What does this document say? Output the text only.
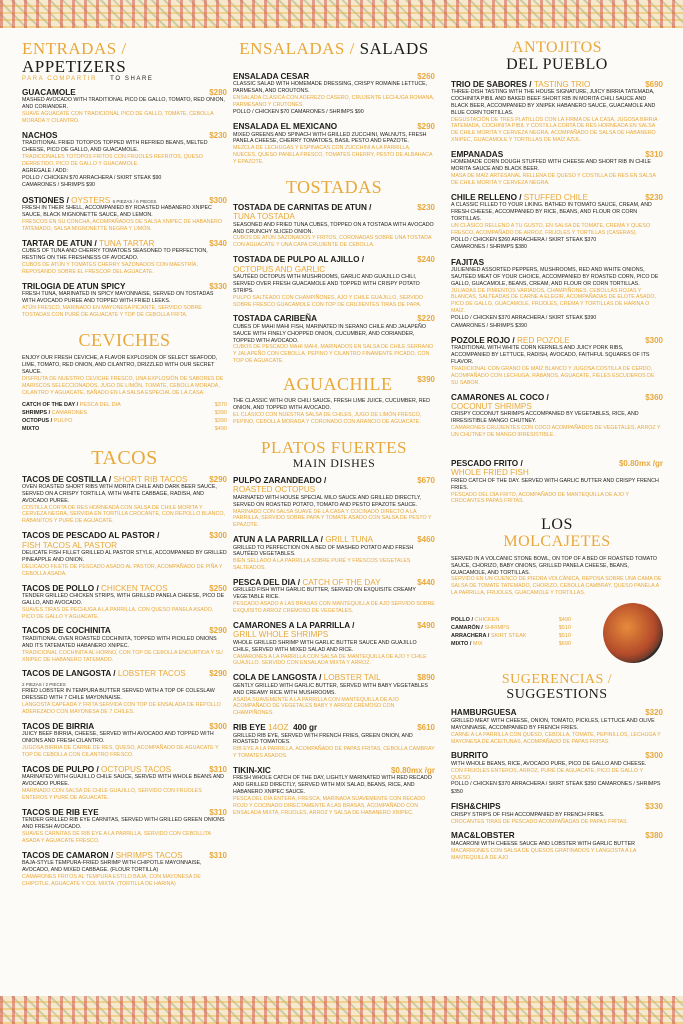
ENTRADAS / APPETIZERS
PARA COMPARTIR TO SHARE
GUACAMOLE	$280
MASHED AVOCADO WITH TRADITIONAL PICO DE GALLO, TOMATO, RED ONION, AND CORIANDER.
SUAVE AGUACATE CON TRADICIONAL PICO DE GALLO, TOMATE, CEBOLLA MORADA Y CILANTRO.
NACHOS	$230
TRADITIONAL FRIED TOTOPOS TOPPED WITH REFRIED BEANS, MELTED CHEESE, PICO DE GALLO, AND GUACAMOLE.
TRADICIONALES TOTOPOS FRITOS CON FRIJOLES REFRITOS, QUESO DERRETIDO, PICO DE GALLO Y GUACAMOLE.
AGREGALE / ADD:
POLLO / CHICKEN $70 ARRACHERA / SKIRT STEAK $90
CAMARONES / SHRIMPS $90
OSTIONES / OYSTERS 6 PIEZAS / 6 PIECES	$300
FRESH IN THEIR SHELL, ACCOMPANIED BY ROASTED HABANERO XNIPEC SAUCE, BLACK MIGNONETTE SAUCE, AND LEMON.
FRESCOS EN SU CONCHA, ACOMPAÑADOS DE SALSA XNIPEC DE HABANERO TATEMADO, SALSA MIGNONETTE NEGRA Y LIMÓN.
TARTAR DE ATUN / TUNA TARTAR	$340
CUBES OF TUNA AND CHERRY TOMATOES SEASONED TO PERFECTION, RESTING ON THE FRESHNESS OF AVOCADO.
CUBOS DE ATÚN Y TOMATES CHERRY SAZONADOS CON MAESTRÍA, REPOSANDO SOBRE EL FRESCOR DEL AGUACATE.
TRILOGIA DE ATUN SPICY	$330
FRESH TUNA, MARINATED IN SPICY MAYONNAISE, SERVED ON TOSTADAS WITH AVOCADO PUREE AND TOPPED WITH FRIED LEEKS.
ATÚN FRESCO, MARINADO EN MAYONESA PICANTE, SERVIDO SOBRE TOSTADAS CON PURÉ DE AGUACATE Y TOP DE CEBOLLA FRITA.
CEVICHES
ENJOY OUR FRESH CEVICHE, A FLAVOR EXPLOSION OF SELECT SEAFOOD, LIME, TOMATO, RED ONION, AND CILANTRO, DRIZZLED WITH OUR SECRET SAUCE.
DISFRUTA DE NUESTRO CEVICHE FRESCO, UNA EXPLOSIÓN DE SABORES DE MARISCOS SELECCIONADOS, JUGO DE LIMÓN, TOMATE, CEBOLLA MORADA, CILANTRO Y AGUACATE, BAÑADO EN LA SALSA ESPECIAL DE LA CASA.
CATCH OF THE DAY / PESCA DEL DIA	$370
SHRIMPS / CAMARONES	$390
OCTOPUS / PULPO	$390
MIXTO	$490
TACOS
TACOS DE COSTILLA / SHORT RIB TACOS	$290
OVEN ROASTED SHORT RIBS WITH MORITA CHILE AND DARK BEER SAUCE, SERVED ON A CRISPY TORTILLA, WITH WHITE CABBAGE, RADISH, AND AVOCADO PUREE.
COSTILLA CORTA DE RES HORNEADA CON SALSA DE CHILE MORITA Y CERVEZA NEGRA, SERVIDA EN TORTILLA CROCANTE, CON REPOLLO BLANCO, RÁBANITOS Y PURÉ DE AGUACATE.
TACOS DE PESCADO AL PASTOR /
FISH TACOS AL PASTOR
$300
DELICATE FISH FILLET GRILLED AL PASTOR STYLE, ACCOMPANIED BY GRILLED PINEAPPLE AND ONION.
DELICADO FILETE DE PESCADO ASADO AL PASTOR, ACOMPAÑADO DE PIÑA Y CEBOLLA ASADA.
TACOS DE POLLO / CHICKEN TACOS	$250
TENDER GRILLED CHICKEN STRIPS, WITH GRILLED PANELA CHEESE, PICO DE GALLO, AND AVOCADO.
SUAVES TIRAS DE PECHUGA A LA PARRILLA, CON QUESO PANELA ASADO, PICO DE GALLO Y AGUACATE.
TACOS DE COCHINITA	$290
TRADITIONAL OVEN ROASTED COCHINITA, TOPPED WITH PICKLED ONIONS AND ITS TATEMATED HABANERO XNIPEC.
TRADICIONAL COCHINITA AL HORNO, CON TOP DE CEBOLLA ENCURTIDA Y SU XNIPEC DE HABANERO TATEMADO.
TACOS DE LANGOSTA / LOBSTER TACOS
2 PIEZAS / 2 PIECES
$290
FRIED LOBSTER IN TEMPURA BUTTER SERVED WITH A TOP OF COLESLAW DRESSED WITH 7 CHILE MAYONNAISE.
LANGOSTA CAPEADA Y FRITA SERVIDA CON TOP DE ENSALADA DE REPOLLO ADEREZADO CON MAYONESA DE 7 CHILES.
TACOS DE BIRRIA	$300
JUICY BEEF BIRRIA, CHEESE, SERVED WITH AVOCADO AND TOPPED WITH ONIONS AND FRESH CILANTRO.
JUGOSA BIRRIA DE CARNE DE RES, QUESO, ACOMPAÑADO DE AGUACATE Y TOP DE CEBOLLA CON CILANTRO FRESCO.
TACOS DE PULPO / OCTOPUS TACOS	$310
MARINATED WITH GUAJILLO CHILE SAUCE, SERVED WITH WHOLE BEANS AND AVOCADO PUREE.
MARINADO CON SALSA DE CHILE GUAJILLO, SERVIDO CON FRIJOLES ENTEROS Y PURÉ DE AGUACATE.
TACOS DE RIB EYE	$310
TENDER GRILLED RIB EYE CARNITAS, SERVED WITH GRILLED GREEN ONIONS AND FRESH AVOCADO.
SUAVES CARNITAS DE RIB EYE A LA PARRILLA, SERVIDO CON CEBOLLITA ASADA Y AGUACATE FRESCO.
TACOS DE CAMARON / SHRIMPS TACOS	$310
BAJA-STYLE TEMPURA-FRIED SHRIMP WITH CHIPOTLE MAYONNAISE, AVOCADO, AND MIXED CABBAGE. (FLOUR TORTILLA)
CAMARONES FRITOS AL TEMPURA ESTILO BAJA, CON MAYONESA DE CHIPOTLE, AGUACATE Y COL MIXTA. (TORTILLA DE HARINA)
ENSALADAS / SALADS
ENSALADA CESAR	$260
CLASSIC SALAD WITH HOMEMADE DRESSING, CRISPY ROMAINE LETTUCE, PARMESAN, AND CROUTONS.
ENSALADA CLÁSICA CON ADEREZO CASERO, CRUJIENTE LECHUGA ROMANA, PARMESANO Y CRUTONES.
POLLO / CHICKEN $70 CAMARONES / SHRIMPS $90
ENSALADA EL MEXICANO	$290
MIXED GREENS AND SPINACH WITH GRILLED ZUCCHINI, WALNUTS, FRESH PANELA CHEESE, CHERRY TOMATOES, BASIL PESTO AND EPAZOTE.
MEZCLA DE LECHUGAS Y ESPINACAS CON ZUCCHINI A LA PARRILLA, NUECES, QUESO PANELA FRESCO, TOMATES CHERRY, PESTO DE ALBAHACA Y EPAZOTE.
TOSTADAS
TOSTADA DE CARNITAS DE ATUN /
TUNA TOSTADA
$230
SEASONED AND FRIED TUNA CUBES, TOPPED ON A TOSTADA WITH AVOCADO AND CRUNCHY SLICED ONION.
CUBOS DE ATÚN SAZONADOS Y FRITOS, CORONADAS SOBRE UNA TOSTADA CON AGUACATE Y UNA CAPA CRUJIENTE DE CEBOLLA.
TOSTADA DE PULPO AL AJILLO /
OCTOPUS AND GARLIC
$240
SAUTÉED OCTOPUS WITH MUSHROOMS, GARLIC AND GUAJILLO CHILI, SERVED OVER FRESH GUACAMOLE AND TOPPED WITH CRISPY POTATO STRIPS.
PULPO SALTEADO CON CHAMPIÑONES, AJO Y CHILE GUAJILLO, SERVIDO SOBRE FRESCO GUACAMOLE CON TOP DE CRUJIENTES TIRAS DE PAPA.
TOSTADA CARIBEÑA	$220
CUBES OF MAHI MAHI FISH, MARINATED IN SERANO CHILE AND JALAPEÑO SAUCE WITH FINELY CHOPPED ONION, CUCUMBER, AND CORIANDER, TOPPED WITH AVOCADO.
CUBOS DE PESCADO MAHI MAHI, MARINADOS EN SALSA DE CHILE SERRANO Y JALAPEÑO CON CEBOLLA, PEPINO Y CILANTRO FINAMENTE PICADO, CON TOP DE AGUACATE.
AGUACHILE	$390
THE CLASSIC WITH OUR CHILI SAUCE, FRESH LIME JUICE, CUCUMBER, RED ONION, AND TOPPED WITH AVOCADO.
EL CLÁSICO CON NUESTRA SALSA DE CHILES, JUGO DE LIMÓN FRESCO, PEPINO, CEBOLLA MORADA Y CORONADO CON ARANCIO DE AGUACATE.
PLATOS FUERTES
MAIN DISHES
PULPO ZARANDEADO /
ROASTED OCTOPUS
$670
MARINATED WITH HOUSE SPECIAL MILD SAUCE AND GRILLED DIRECTLY, SERVED ON ROASTED POTATO, TOMATO AND PESTO EPAZOTE SAUCE.
MARINADO CON SALSA SUAVE DE LA CASA Y COCINADO DIRECTO A LA PARRILLA, SERVIDO SOBRE PAPA Y TOMATE ASADO CON SALSA DE PESTO Y EPAZOTE.
ATUN A LA PARRILLA / GRILL TUNA	$460
GRILLED TO PERFECTION ON A BED OF MASHED POTATO AND FRESH SAUTÉED VEGETABLES.
BIEN SELLADO A LA PARRILLA SOBRE PURÉ Y FRESCOS VEGETALES SALTEADOS.
PESCA DEL DIA / CATCH OF THE DAY	$440
GRILLED FISH WITH GARLIC BUTTER, SERVED ON EXQUISITE CREAMY VEGETABLE RICE.
PESCADO ASADO A LAS BRASAS CON MANTEQUILLA DE AJO SERVIDO SOBRE EXQUISITO ARROZ CREMOSO DE VEGETALES.
CAMARONES A LA PARRILLA /
GRILL WHOLE SHRIMPS
$490
WHOLE GRILLED SHRIMP WITH GARLIC BUTTER SAUCE AND GUAJILLO CHILE, SERVED WITH MIXED SALAD AND RICE.
CAMARONES A LA PARRILLA CON SALSA DE MANTEQUILLA DE AJO Y CHILE GUAJILLO. SERVIDO CON ENSALADA MIXTA Y ARROZ.
COLA DE LANGOSTA / LOBSTER TAIL	$890
GENTLY GRILLED WITH GARLIC BUTTER, SERVED WITH BABY VEGETABLES AND CREAMY RICE WITH MUSHROOMS.
ASADA SUAVEMENTE A LA PARRILLA CON MANTEQUILLA DE AJO ACOMPAÑADO DE VEGETALES BABY Y ARROZ CREMOSO CON CHAMPIÑONES.
RIB EYE 14OZ 400 gr	$610
GRILLED RIB EYE, SERVED WITH FRENCH FRIES, GREEN ONION, AND ROASTED TOMATOES.
RIB EYE A LA PARRILLA, ACOMPAÑADO DE PAPAS FRITAS, CEBOLLA CAMBRAY Y TOMATES ASADOS.
TIKIN-XIC	$0.80mx /gr
FRESH WHOLE CATCH OF THE DAY, LIGHTLY MARINATED WITH RED RECADO AND GRILLED DIRECTLY, SERVED WITH MIX SALAD, BEANS, RICE, AND HABANERO XNIPEC SAUCE.
PESCA DEL DÍA ENTERA, FRESCA, MARINADA SUAVEMENTE CON RECADO ROJO Y COCINADO DIRECTAMENTE A LAS BRASAS, ACOMPAÑADO CON ENSALADA MIXTA, FRIJOLES, ARROZ Y SALSA DE HABANERO XNIPEC.
ANTOJITOS
DEL PUEBLO
TRIO DE SABORES / TASTING TRIO	$690
THREE-DISH TASTING WITH THE HOUSE SIGNATURE, JUICY BIRRIA TATEMADA, COCHINITA PIBIL AND BAKED BEEF SHORT RIB IN MORITA CHILI SAUCE AND BLACK BEER, ACCOMPANIED BY XNIPEK HABANERO SAUCE, GUACAMOLE AND BLUE CORN TORTILLAS.
DEGUSTACIÓN DE TRES PLATILLOS CON LA FIRMA DE LA CASA, JUGOSA BIRRIA TATEMADA, COCHINITA PIBIL Y COSTILLA CORTA DE RES HORNEADA EN SALSA DE CHILE MORITA Y CERVEZA NEGRA, ACOMPAÑADO DE SALSA DE HABANERO XNIPEC, GUACAMOLE Y TORTILLAS DE MAÍZ AZUL.
EMPANADAS	$310
HOMEMADE CORN DOUGH STUFFED WITH CHEESE AND SHORT RIB IN CHILE MORITA SAUCE AND BLACK BEER.
MASA DE MAÍZ ARTESANAL RELLENA DE QUESO Y COSTILLA DE RES EN SALSA DE CHILE MORITA Y CERVEZA NEGRA.
CHILE RELLENO / STUFFED CHILE	$230
A CLASSIC FILLED TO YOUR LIKING. BATHED IN TOMATO SAUCE, CREAM, AND FRESH CHEESE, ACCOMPANIED BY RICE, BEANS, AND FLOUR OR CORN TORTILLAS.
UN CLÁSICO RELLENO A TU GUSTO, EN SALSA DE TOMATE, CREMA Y QUESO FRESCO, ACOMPAÑADO DE ARROZ, FRIJOLES Y TORTILLAS (CASERAS).
POLLO / CHICKEN $260 ARRACHERA / SKIRT STEAK $370
CAMARONES / SHRIMPS $380
FAJITAS
JULIENNED ASSORTED PEPPERS, MUSHROOMS, RED AND WHITE ONIONS, SAUTÉED MEAT OF YOUR CHOICE, ACCOMPANIED BY ROASTED CORN, PICO DE GALLO, GUACAMOLE, BEANS, CREAM, AND FLOUR OR CORN TORTILLAS.
JULIADAS DE PIMIENTOS VARIADOS, CHAMPIÑONES, CEBOLLAS ROJAS Y BLANCAS, SALTEADAS DE CARNE A ELEGIR, ACOMPAÑADAS DE ELOTE ASADO, PICO DE GALLO, GUACAMOLE, FRIJOLES, CREMA Y TORTILLAS DE HARINA O MAÍZ.
POLLO / CHICKEN $370 ARRACHERA / SKIRT STEAK $390
CAMARONES / SHRIMPS $390
POZOLE ROJO / RED POZOLE	$300
TRADITIONAL WITH WHITE CORN KERNELS AND JUICY PORK RIBS, ACCOMPANIED BY LETTUCE, RADISH, AVOCADO, FAITHFUL SQUARES OF ITS FLAVOR.
TRADICIONAL CON GRANO DE MAÍZ BLANCO Y JUGOSA COSTILLA DE CERDO, ACOMPAÑADO CON LECHUGA, RÁBANOS, AGUACATE, FIELES ESCUDEROS DE SU SABOR.
CAMARONES AL COCO /
COCONUT SHRIMPS
$360
CRISPY COCONUT SHRIMPS ACCOMPANIED BY VEGETABLES, RICE, AND IRRESISTIBLE MANGO CHUTNEY.
CAMARONES CRUJIENTES CON COCO ACOMPAÑADOS DE VEGETALES, ARROZ Y UN CHUTNEY DE MANGO IRRESISTIBLE.
PESCADO FRITO /
WHOLE FRIED FISH
$0.80mx /gr
FRIED CATCH OF THE DAY. SERVED WITH GARLIC BUTTER AND CRISPY FRENCH FRIES.
PESCADO DEL DÍA FRITO, ACOMPAÑADO DE MANTEQUILLA DE AJO Y CROCANTES PAPAS FRITAS.
LOS
MOLCAJETES
SERVED IN A VOLCANIC STONE BOWL, ON TOP OF A BED OF ROASTED TOMATO SAUCE, CHORIZO, BABY ONIONS, GRILLED PANELA CHEESE, BEANS, GUACAMOLE, AND TORTILLAS.
SERVIDO EN UN CUENCO DE PIEDRA VOLCÁNICA, REPOSA SOBRE UNA CAMA DE SALSA DE TOMATE TATEMADO, CHORIZO, CEBOLLA CAMBRAY, QUESO PANELA A LA PARRILLA, FRIJOLES, GUACAMOLE Y TORTILLAS.
POLLO / CHICKEN	$490
CAMARÓN / SHRIMPS	$510
ARRACHERA / SKIRT STEAK	$510
MIXTO / MIX	$690
SUGERENCIAS / SUGGESTIONS
HAMBURGUESA	$320
GRILLED MEAT WITH CHEESE, ONION, TOMATO, PICKLES, LETTUCE AND OLIVE MAYONNAISE, ACCOMPANIED BY FRENCH FRIES.
CARNE A LA PARRILLA CON QUESO, CEBOLLA, TOMATE, PEPINILLOS, LECHUGA Y MAYONESA DE ACEITUNAS, ACOMPAÑADO DE PAPAS FRITAS.
BURRITO	$300
WITH WHOLE BEANS, RICE, AVOCADO PURE, PICO DE GALLO AND CHEESE.
CON FRIJOLES ENTEROS, ARROZ, PURÉ DE AGUACATE, PICO DE GALLO Y QUESO.
POLLO / CHICKEN $370 ARRACHERA / SKIRT STEAK $350 CAMARONES / SHRIMPS $350
FISH&CHIPS	$330
CRISPY STRIPS OF FISH ACCOMPANIED BY FRENCH FRIES.
CROCANTES TIRAS DE PESCADO ACOMPAÑADAS DE PAPAS FRITAS.
MAC&LOBSTER	$380
MACARONI WITH CHEESE SAUCE AND LOBSTER WITH GARLIC BUTTER
MACARRONES CON SALSA DE QUESOS GRATINADOS Y LANGOSTA A LA MANTEQUILLA DE AJO
